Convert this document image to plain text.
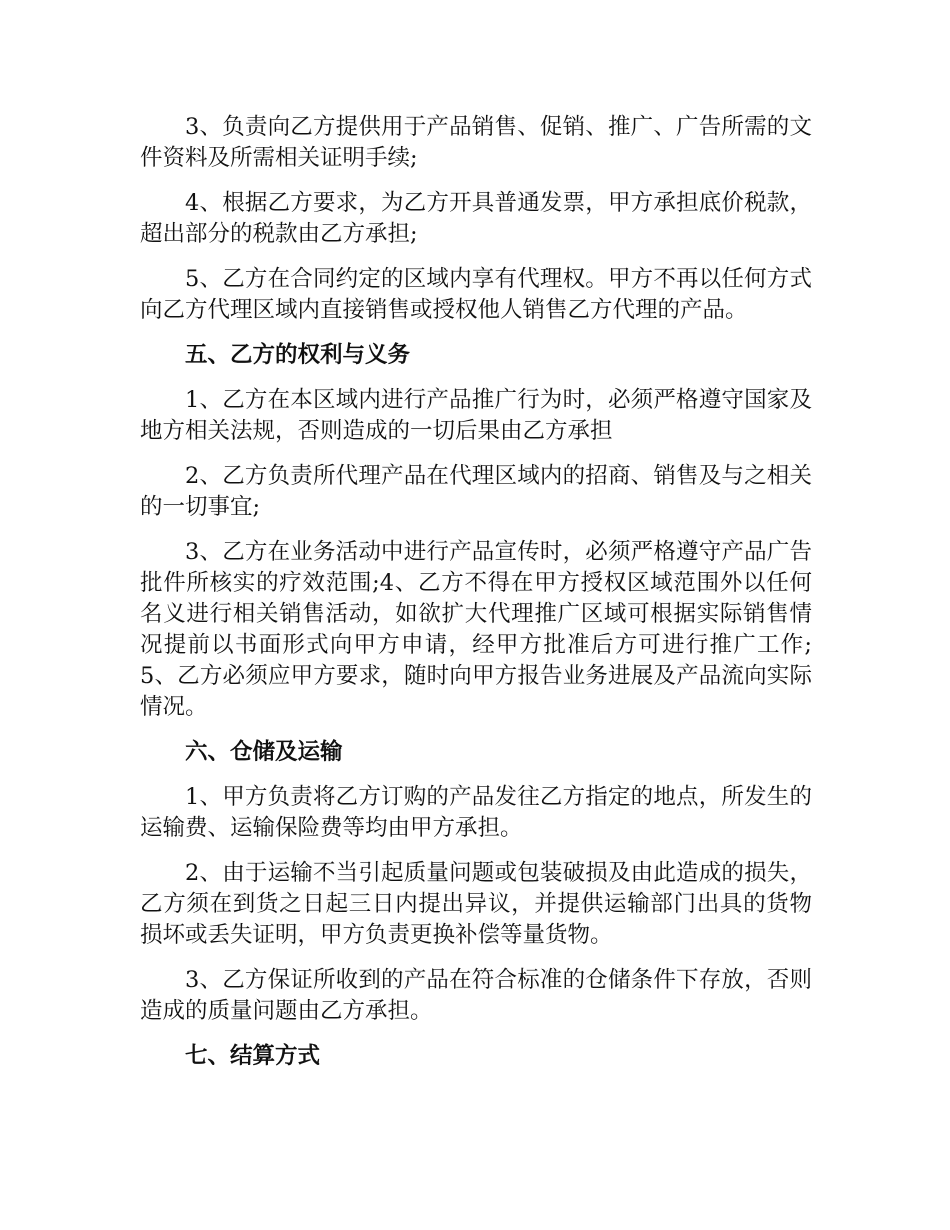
3、负责向乙方提供用于产品销售、促销、推广、广告所需的文件资料及所需相关证明手续;

4、根据乙方要求，为乙方开具普通发票，甲方承担底价税款，超出部分的税款由乙方承担;

5、乙方在合同约定的区域内享有代理权。甲方不再以任何方式向乙方代理区域内直接销售或授权他人销售乙方代理的产品。

五、乙方的权利与义务

1、乙方在本区域内进行产品推广行为时，必须严格遵守国家及地方相关法规，否则造成的一切后果由乙方承担

2、乙方负责所代理产品在代理区域内的招商、销售及与之相关的一切事宜;

3、乙方在业务活动中进行产品宣传时，必须严格遵守产品广告批件所核实的疗效范围;4、乙方不得在甲方授权区域范围外以任何名义进行相关销售活动，如欲扩大代理推广区域可根据实际销售情况提前以书面形式向甲方申请，经甲方批准后方可进行推广工作;5、乙方必须应甲方要求，随时向甲方报告业务进展及产品流向实际情况。

六、仓储及运输

1、甲方负责将乙方订购的产品发往乙方指定的地点，所发生的运输费、运输保险费等均由甲方承担。

2、由于运输不当引起质量问题或包装破损及由此造成的损失，乙方须在到货之日起三日内提出异议，并提供运输部门出具的货物损坏或丢失证明，甲方负责更换补偿等量货物。

3、乙方保证所收到的产品在符合标准的仓储条件下存放，否则造成的质量问题由乙方承担。

七、结算方式
